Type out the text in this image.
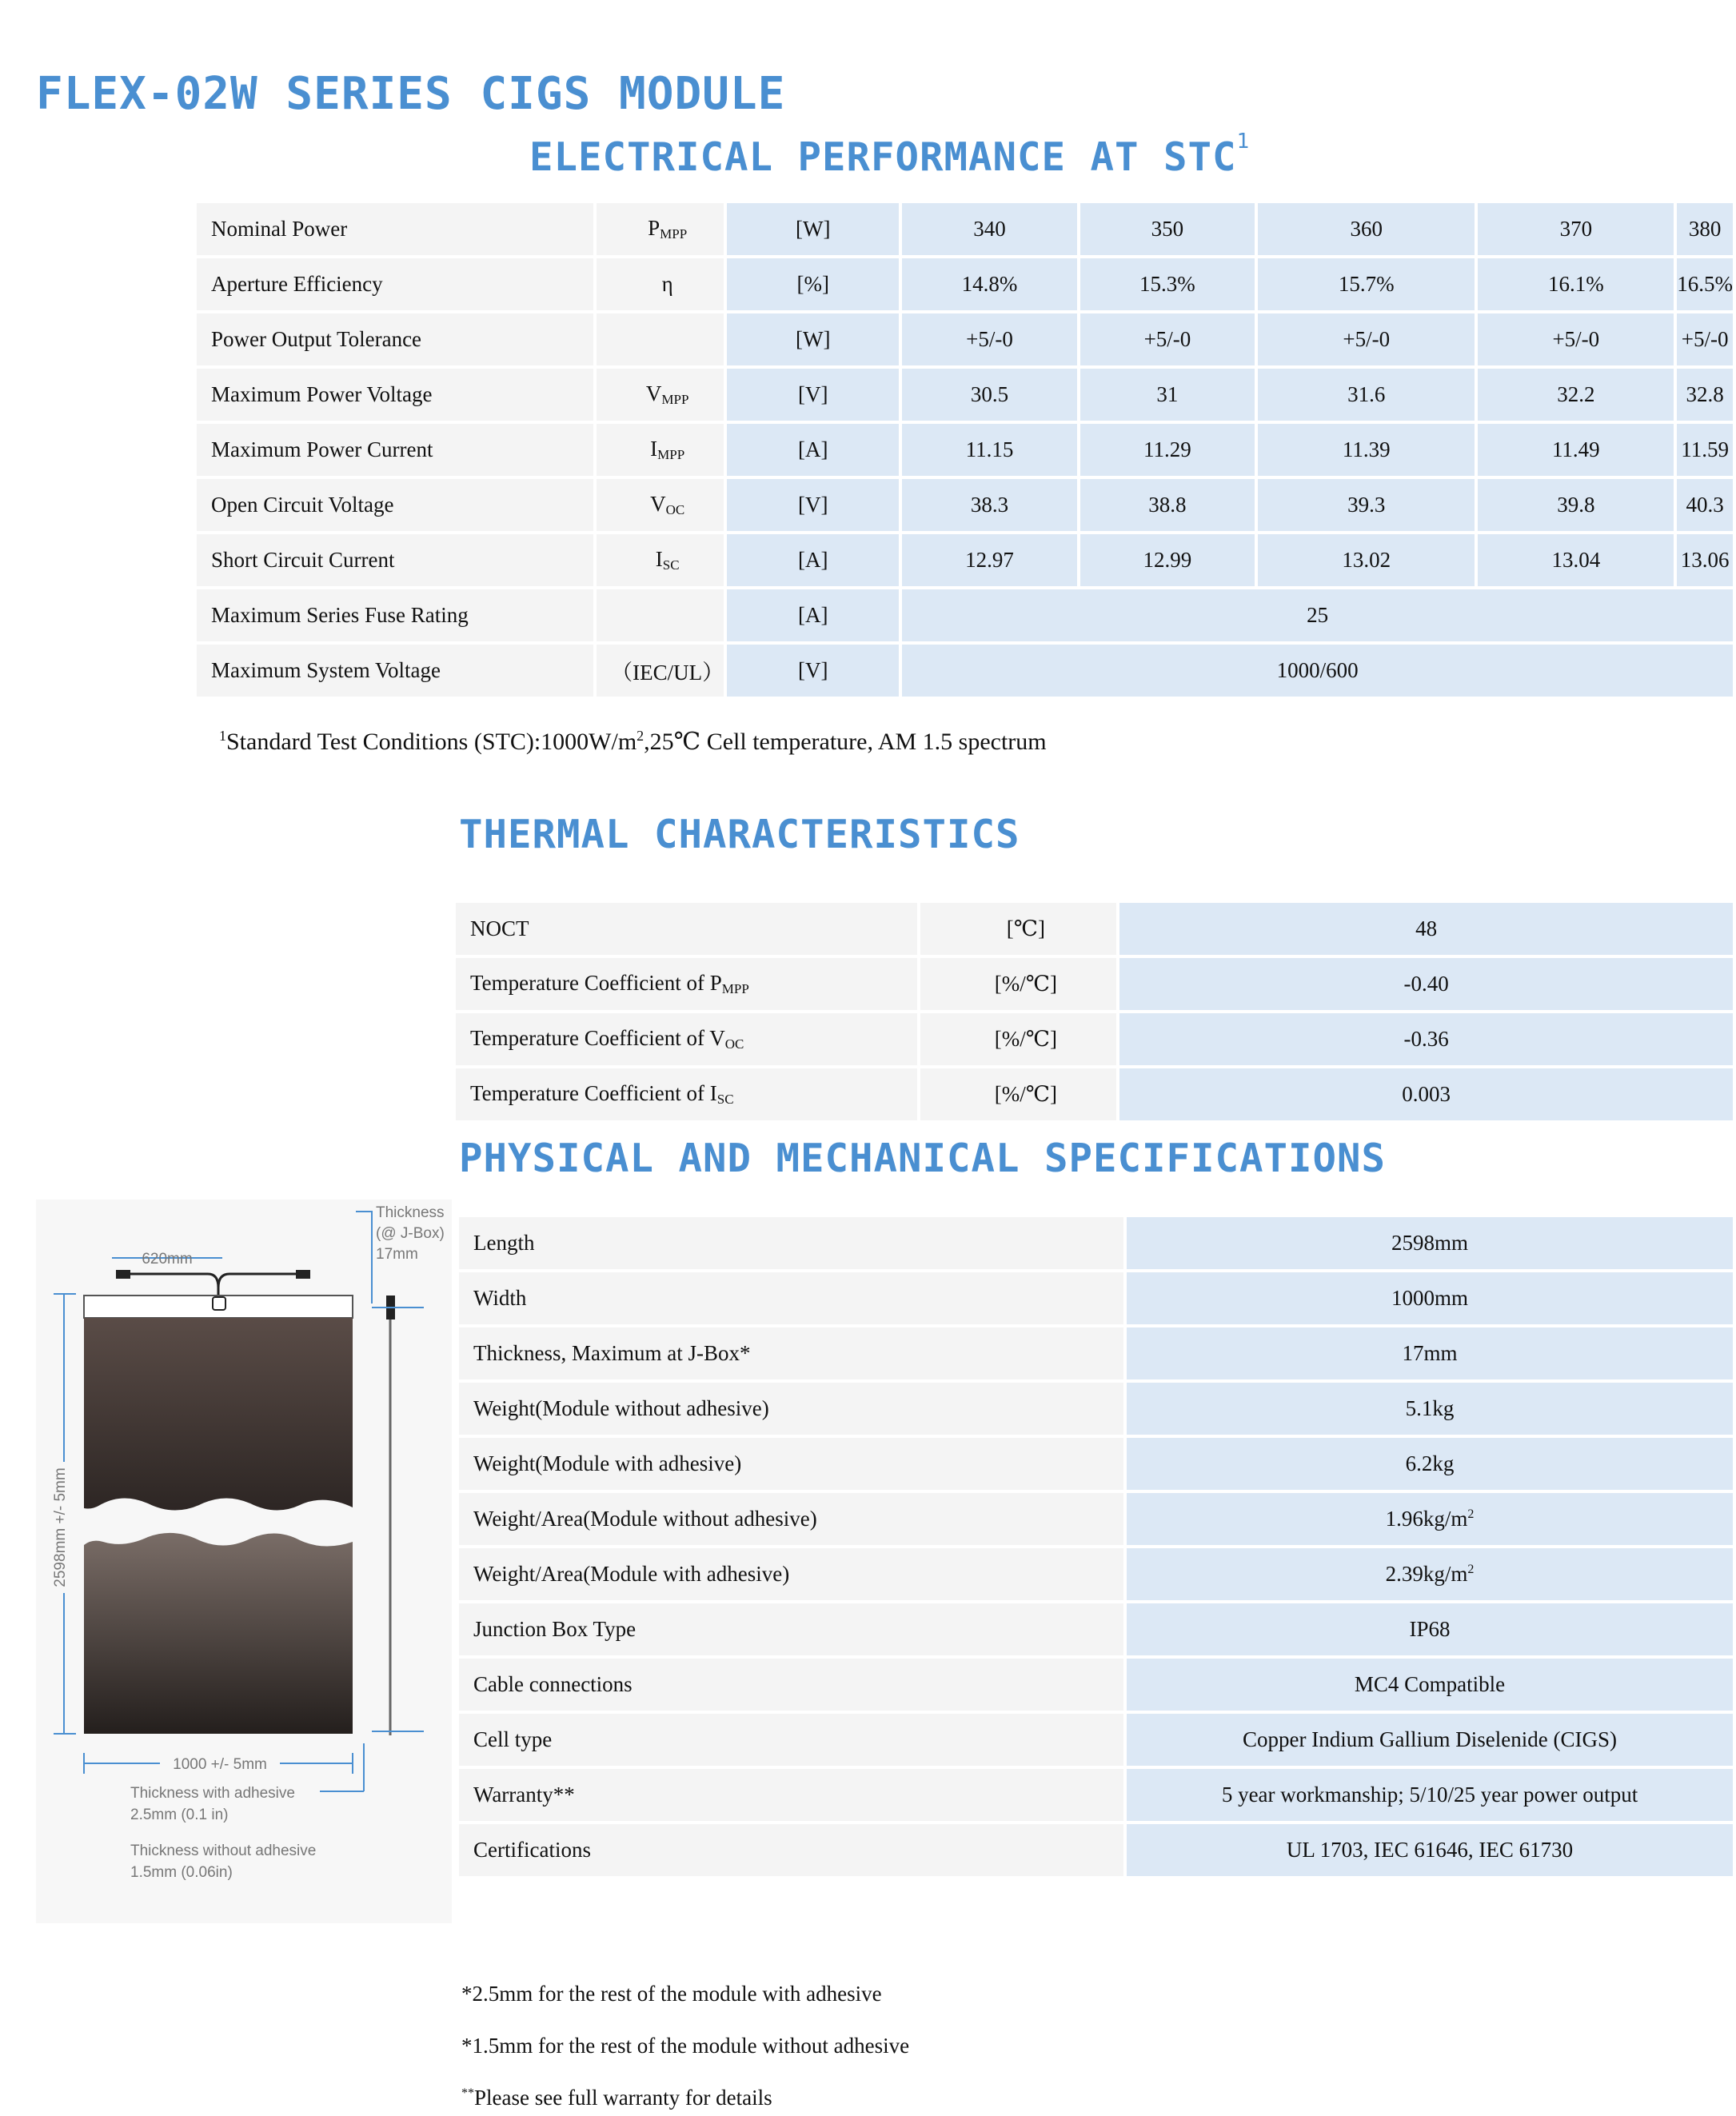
FLEX-02W SERIES CIGS MODULE
ELECTRICAL PERFORMANCE AT STC$^1$
Nominal Power	$P_{MPP}$	[W]	340	350	360	370	380
Aperture Efficiency	η	[%]	14.8%	15.3%	15.7%	16.1%	16.5%
Power Output Tolerance		[W]	+5/-0	+5/-0	+5/-0	+5/-0	+5/-0
Maximum Power Voltage	$V_{MPP}$	[V]	30.5	31	31.6	32.2	32.8
Maximum Power Current	$I_{MPP}$	[A]	11.15	11.29	11.39	11.49	11.59
Open Circuit Voltage	$V_{OC}$	[V]	38.3	38.8	39.3	39.8	40.3
Short Circuit Current	$I_{SC}$	[A]	12.97	12.99	13.02	13.04	13.06
Maximum Series Fuse Rating		[A]	25				
Maximum System Voltage	（IEC/UL）	[V]	1000/600				

$^1$Standard Test Conditions $(STC):1000W/m^2,25℃$ Cell temperature, AM 1.5 spectrum

THERMAL CHARACTERISTICS
NOCT	[℃]	48
Temperature Coefficient of $P_{MPP}$	[%/℃]	-0.40
Temperature Coefficient of $V_{OC}$	[%/℃]	-0.36
Temperature Coefficient of $I_{SC}$	[%/℃]	0.003
PHYSICAL AND MECHANICAL SPECIFICATIONS
Length	2598mm
Width	1000mm
Thickness, Maximum at J-Box*	17mm
Weight(Module without adhesive)	5.1kg
Weight(Module with adhesive)	6.2kg
Weight/Area(Module without adhesive)	$1.96kg/m^2$
Weight/Area(Module with adhesive)	$2.39kg/m^2$
Junction Box Type	IP68
Cable connections	MC4 Compatible
Cell type	Copper Indium Gallium Diselenide (CIGS)
Warranty**	5 year workmanship; 5/10/25 year power output
Certifications	UL 1703, IEC 61646, IEC 61730
620mm
2598mm +/- 5mm
1000 +/- 5mm
Thickness
(@ J-Box)
17mm
Thickness with adhesive
2.5mm (0.1 in)
Thickness without adhesive
1.5mm (0.06in)

*2.5mm for the rest of the module with adhesive

*1.5mm for the rest of the module without adhesive

**Please see full warranty for details
